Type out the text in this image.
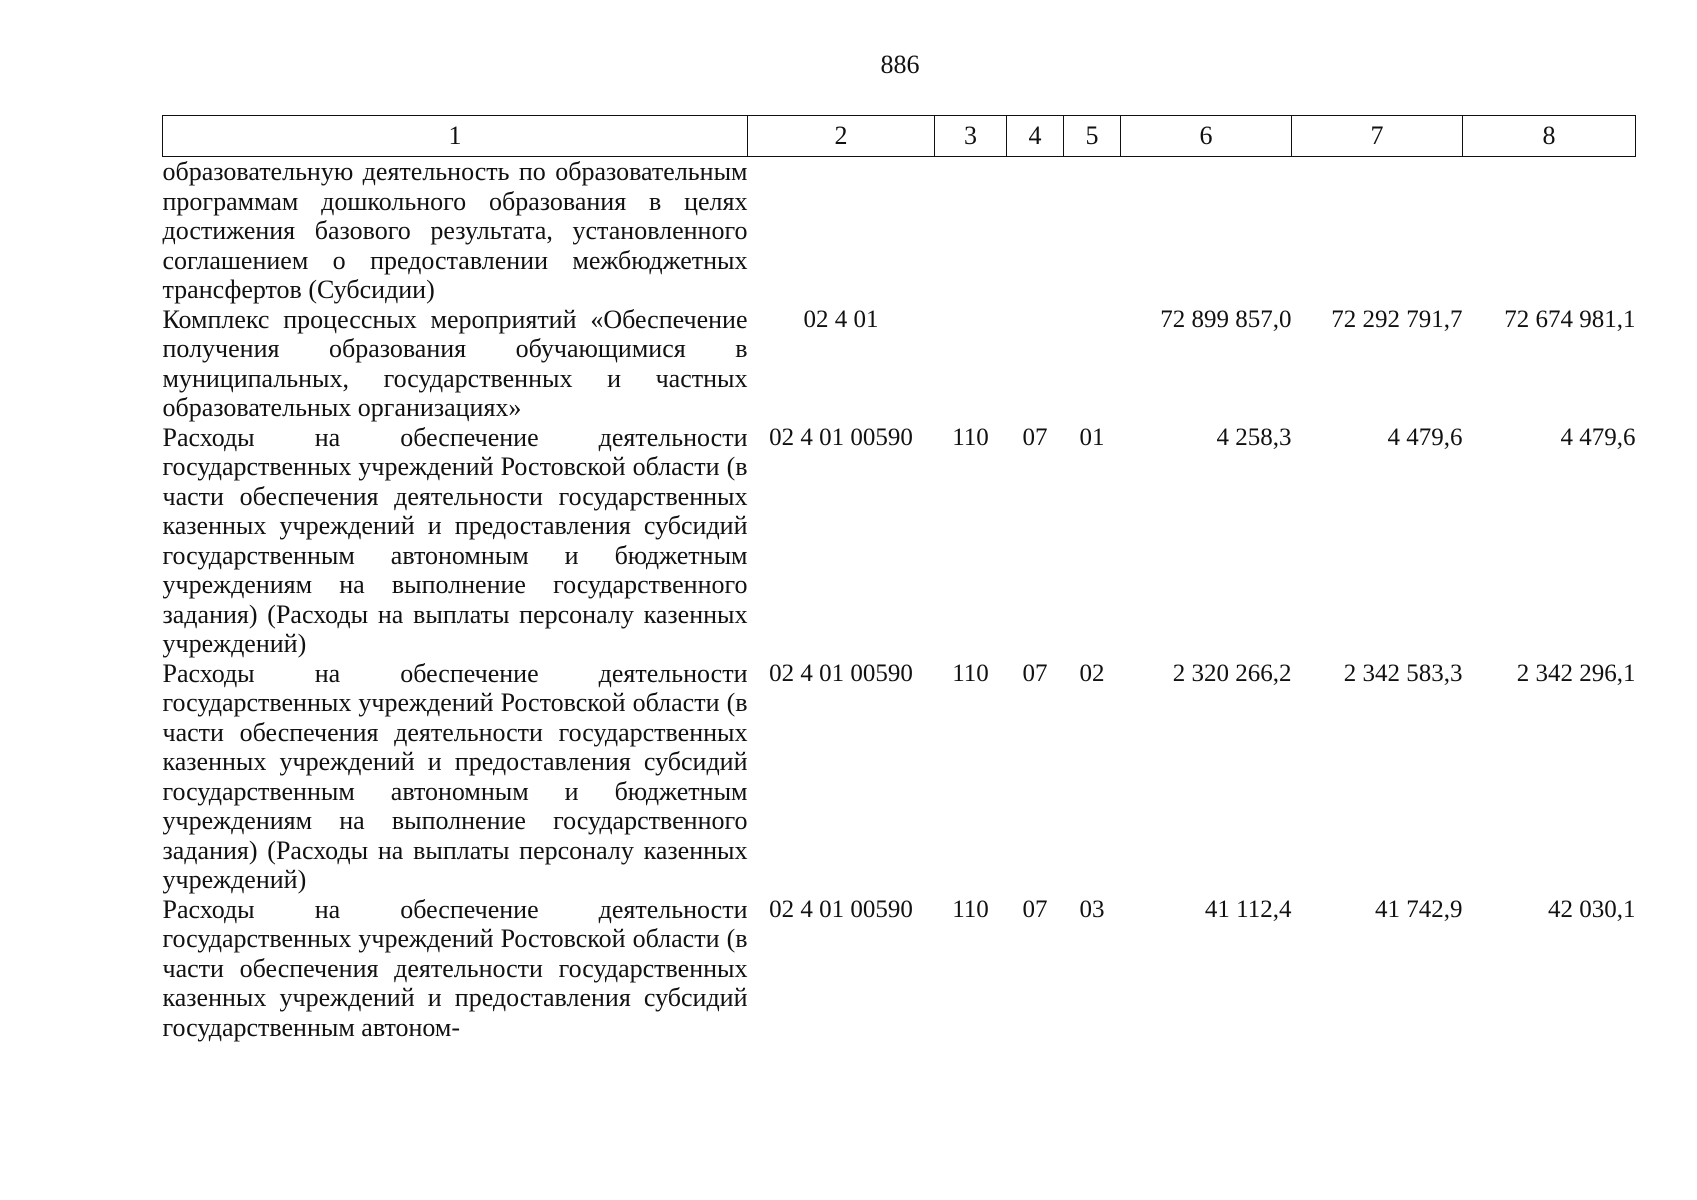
886
1	2	3	4	5	6	7	8
образовательную деятельность по образовательным программам дошкольного образования в целях достижения базового результата, установленного соглашением о предоставлении межбюджетных трансфертов (Субсидии)							
Комплекс процессных мероприятий «Обеспечение получения образования обучающимися в муниципальных, государственных и частных образовательных организациях»	02 4 01				72 899 857,0	72 292 791,7	72 674 981,1
Расходы на обеспечение деятельности государственных учреждений Ростовской области (в части обеспечения деятельности государственных казенных учреждений и предоставления субсидий государственным автономным и бюджетным учреждениям на выполнение государственного задания) (Расходы на выплаты персоналу казенных учреждений)	02 4 01 00590	110	07	01	4 258,3	4 479,6	4 479,6
Расходы на обеспечение деятельности государственных учреждений Ростовской области (в части обеспечения деятельности государственных казенных учреждений и предоставления субсидий государственным автономным и бюджетным учреждениям на выполнение государственного задания) (Расходы на выплаты персоналу казенных учреждений)	02 4 01 00590	110	07	02	2 320 266,2	2 342 583,3	2 342 296,1
Расходы на обеспечение деятельности государственных учреждений Ростовской области (в части обеспечения деятельности государственных казенных учреждений и предоставления субсидий государственным автоном-	02 4 01 00590	110	07	03	41 112,4	41 742,9	42 030,1
